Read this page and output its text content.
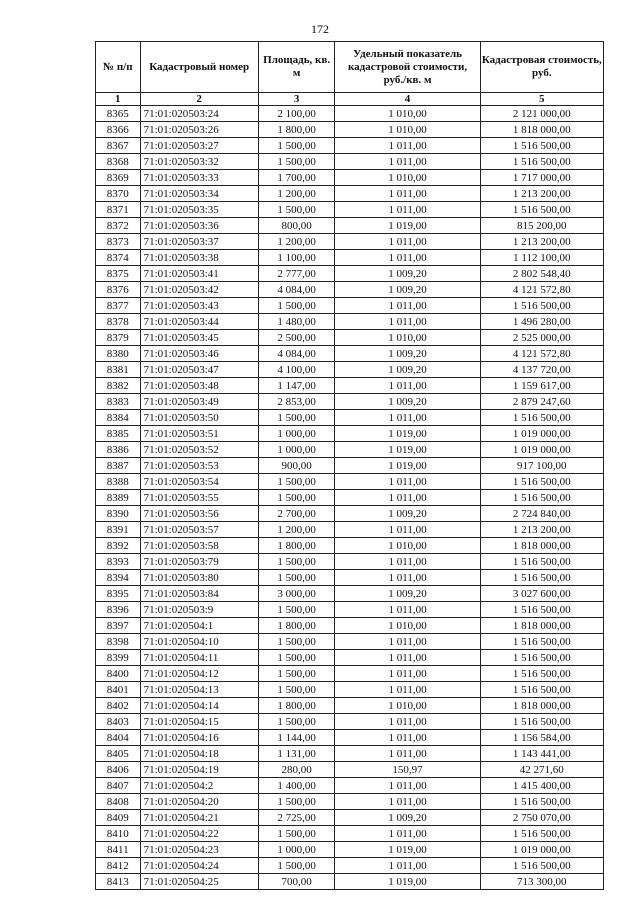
172
№ п/п	Кадастровый номер	Площадь, кв. м	Удельный показатель кадастровой стоимости, руб./кв. м	Кадастровая стоимость, руб.
1	2	3	4	5
8365	71:01:020503:24	2 100,00	1 010,00	2 121 000,00
8366	71:01:020503:26	1 800,00	1 010,00	1 818 000,00
8367	71:01:020503:27	1 500,00	1 011,00	1 516 500,00
8368	71:01:020503:32	1 500,00	1 011,00	1 516 500,00
8369	71:01:020503:33	1 700,00	1 010,00	1 717 000,00
8370	71:01:020503:34	1 200,00	1 011,00	1 213 200,00
8371	71:01:020503:35	1 500,00	1 011,00	1 516 500,00
8372	71:01:020503:36	800,00	1 019,00	815 200,00
8373	71:01:020503:37	1 200,00	1 011,00	1 213 200,00
8374	71:01:020503:38	1 100,00	1 011,00	1 112 100,00
8375	71:01:020503:41	2 777,00	1 009,20	2 802 548,40
8376	71:01:020503:42	4 084,00	1 009,20	4 121 572,80
8377	71:01:020503:43	1 500,00	1 011,00	1 516 500,00
8378	71:01:020503:44	1 480,00	1 011,00	1 496 280,00
8379	71:01:020503:45	2 500,00	1 010,00	2 525 000,00
8380	71:01:020503:46	4 084,00	1 009,20	4 121 572,80
8381	71:01:020503:47	4 100,00	1 009,20	4 137 720,00
8382	71:01:020503:48	1 147,00	1 011,00	1 159 617,00
8383	71:01:020503:49	2 853,00	1 009,20	2 879 247,60
8384	71:01:020503:50	1 500,00	1 011,00	1 516 500,00
8385	71:01:020503:51	1 000,00	1 019,00	1 019 000,00
8386	71:01:020503:52	1 000,00	1 019,00	1 019 000,00
8387	71:01:020503:53	900,00	1 019,00	917 100,00
8388	71:01:020503:54	1 500,00	1 011,00	1 516 500,00
8389	71:01:020503:55	1 500,00	1 011,00	1 516 500,00
8390	71:01:020503:56	2 700,00	1 009,20	2 724 840,00
8391	71:01:020503:57	1 200,00	1 011,00	1 213 200,00
8392	71:01:020503:58	1 800,00	1 010,00	1 818 000,00
8393	71:01:020503:79	1 500,00	1 011,00	1 516 500,00
8394	71:01:020503:80	1 500,00	1 011,00	1 516 500,00
8395	71:01:020503:84	3 000,00	1 009,20	3 027 600,00
8396	71:01:020503:9	1 500,00	1 011,00	1 516 500,00
8397	71:01:020504:1	1 800,00	1 010,00	1 818 000,00
8398	71:01:020504:10	1 500,00	1 011,00	1 516 500,00
8399	71:01:020504:11	1 500,00	1 011,00	1 516 500,00
8400	71:01:020504:12	1 500,00	1 011,00	1 516 500,00
8401	71:01:020504:13	1 500,00	1 011,00	1 516 500,00
8402	71:01:020504:14	1 800,00	1 010,00	1 818 000,00
8403	71:01:020504:15	1 500,00	1 011,00	1 516 500,00
8404	71:01:020504:16	1 144,00	1 011,00	1 156 584,00
8405	71:01:020504:18	1 131,00	1 011,00	1 143 441,00
8406	71:01:020504:19	280,00	150,97	42 271,60
8407	71:01:020504:2	1 400,00	1 011,00	1 415 400,00
8408	71:01:020504:20	1 500,00	1 011,00	1 516 500,00
8409	71:01:020504:21	2 725,00	1 009,20	2 750 070,00
8410	71:01:020504:22	1 500,00	1 011,00	1 516 500,00
8411	71:01:020504:23	1 000,00	1 019,00	1 019 000,00
8412	71:01:020504:24	1 500,00	1 011,00	1 516 500,00
8413	71:01:020504:25	700,00	1 019,00	713 300,00
